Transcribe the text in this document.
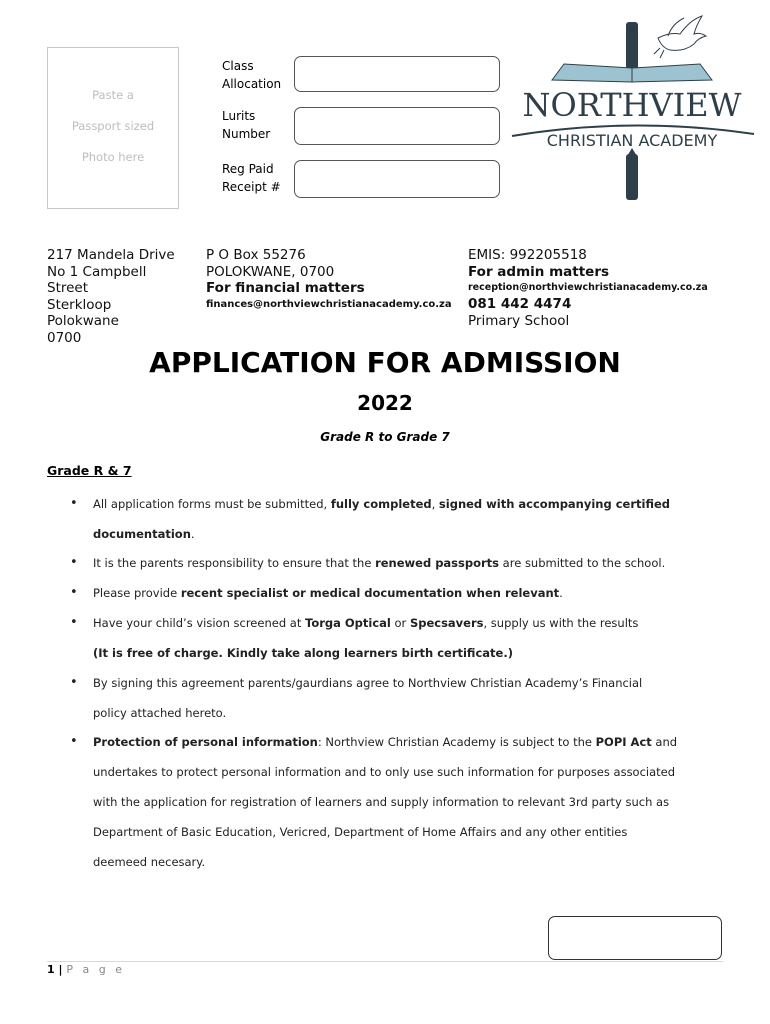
Paste a
Passport sized
Photo here
Class
Allocation
Lurits
Number
Reg Paid
Receipt #
NORTHVIEW
CHRISTIAN ACADEMY
217 Mandela Drive
No 1 Campbell
Street
Sterkloop
Polokwane
0700
P O Box 55276
POLOKWANE, 0700
For financial matters
finances@northviewchristianacademy.co.za
EMIS: 992205518
For admin matters
reception@northviewchristianacademy.co.za
081 442 4474
Primary School
APPLICATION FOR ADMISSION
2022
Grade R to Grade 7
Grade R & 7
• All application forms must be submitted, fully completed, signed with accompanying certified
documentation.
• It is the parents responsibility to ensure that the renewed passports are submitted to the school.
• Please provide recent specialist or medical documentation when relevant.
• Have your child’s vision screened at Torga Optical or Specsavers, supply us with the results
(It is free of charge. Kindly take along learners birth certificate.)
• By signing this agreement parents/gaurdians agree to Northview Christian Academy’s Financial
policy attached hereto.
• Protection of personal information: Northview Christian Academy is subject to the POPI Act and
undertakes to protect personal information and to only use such information for purposes associated
with the application for registration of learners and supply information to relevant 3rd party such as
Department of Basic Education, Vericred, Department of Home Affairs and any other entities
deemeed necesary.
1 | P a g e
